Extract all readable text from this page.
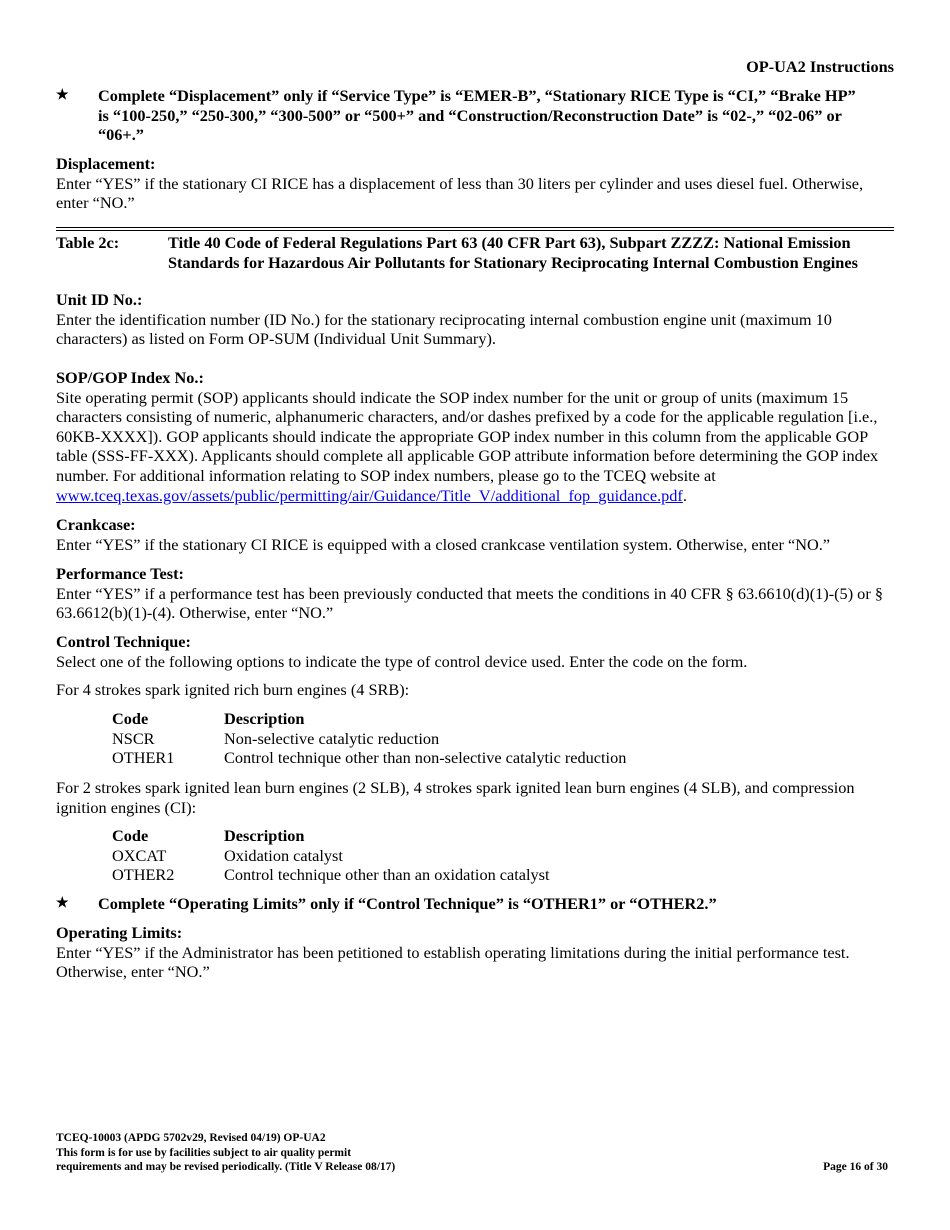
OP-UA2 Instructions
★	Complete “Displacement” only if “Service Type” is “EMER-B”, “Stationary RICE Type is “CI,” “Brake HP” is “100-250,” “250-300,” “300-500” or “500+” and “Construction/Reconstruction Date” is “02-,” “02-06” or “06+.”
Displacement:
Enter “YES” if the stationary CI RICE has a displacement of less than 30 liters per cylinder and uses diesel fuel. Otherwise, enter “NO.”
Table 2c:	Title 40 Code of Federal Regulations Part 63 (40 CFR Part 63), Subpart ZZZZ: National Emission
Standards for Hazardous Air Pollutants for Stationary Reciprocating Internal Combustion Engines
Unit ID No.:
Enter the identification number (ID No.) for the stationary reciprocating internal combustion engine unit (maximum 10 characters) as listed on Form OP-SUM (Individual Unit Summary).
SOP/GOP Index No.:
Site operating permit (SOP) applicants should indicate the SOP index number for the unit or group of units (maximum 15 characters consisting of numeric, alphanumeric characters, and/or dashes prefixed by a code for the applicable regulation [i.e., 60KB-XXXX]). GOP applicants should indicate the appropriate GOP index number in this column from the applicable GOP table (SSS-FF-XXX). Applicants should complete all applicable GOP attribute information before determining the GOP index number. For additional information relating to SOP index numbers, please go to the TCEQ website at www.tceq.texas.gov/assets/public/permitting/air/Guidance/Title_V/additional_fop_guidance.pdf.
Crankcase:
Enter “YES” if the stationary CI RICE is equipped with a closed crankcase ventilation system. Otherwise, enter “NO.”
Performance Test:
Enter “YES” if a performance test has been previously conducted that meets the conditions in 40 CFR § 63.6610(d)(1)-(5) or § 63.6612(b)(1)-(4). Otherwise, enter “NO.”
Control Technique:
Select one of the following options to indicate the type of control device used. Enter the code on the form.
For 4 strokes spark ignited rich burn engines (4 SRB):
Code	Description
NSCR	Non-selective catalytic reduction
OTHER1	Control technique other than non-selective catalytic reduction
For 2 strokes spark ignited lean burn engines (2 SLB), 4 strokes spark ignited lean burn engines (4 SLB), and compression ignition engines (CI):
Code	Description
OXCAT	Oxidation catalyst
OTHER2	Control technique other than an oxidation catalyst
★	Complete “Operating Limits” only if “Control Technique” is “OTHER1” or “OTHER2.”
Operating Limits:
Enter “YES” if the Administrator has been petitioned to establish operating limitations during the initial performance test. Otherwise, enter “NO.”
TCEQ-10003 (APDG 5702v29, Revised 04/19) OP-UA2
This form is for use by facilities subject to air quality permit
requirements and may be revised periodically. (Title V Release 08/17)	Page 16 of 30
